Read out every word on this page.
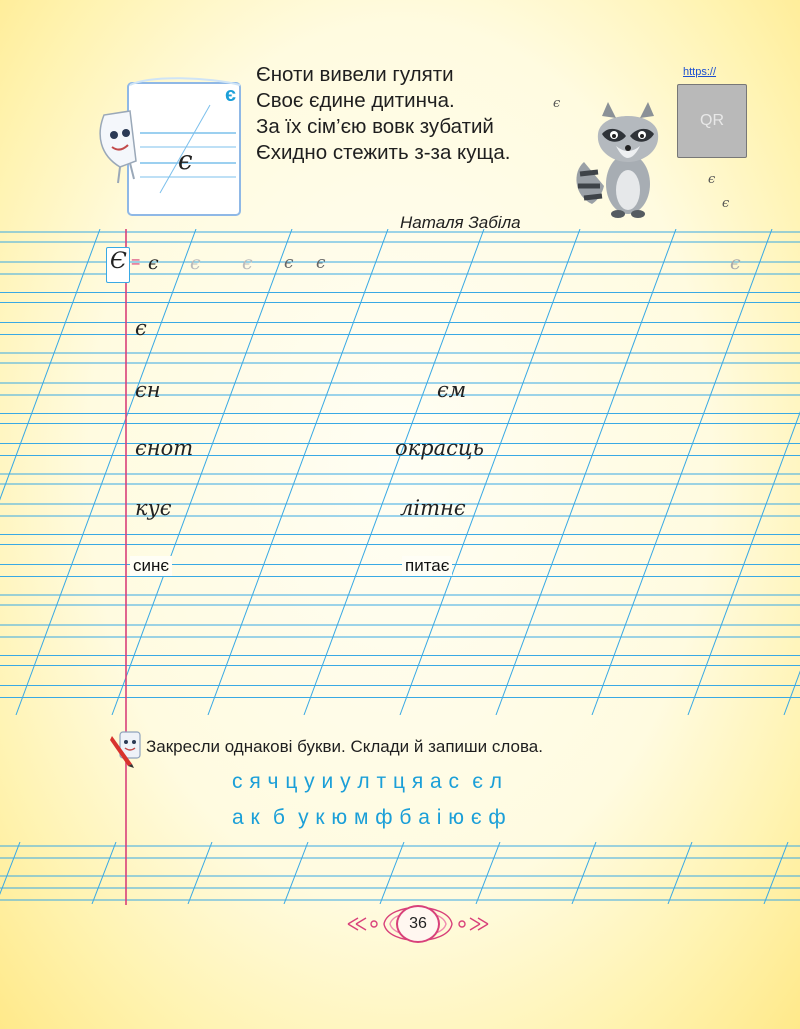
є
є
Єноти вивели гуляти
Своє єдине дитинча.
За їх сім’єю вовк зубатий
Єхидно стежить з-за куща.
Наталя Забіла
є
є
є
https://
QR
Є = є є є є є	є
є
єн	єм
єнот	окрасць
кує	літнє
синє	питає
Закресли однакові букви. Склади й запиши слова.
с я ч ц у и у л т ц я а с  є л
а к  б  у к ю м ф б а і ю є ф
36
